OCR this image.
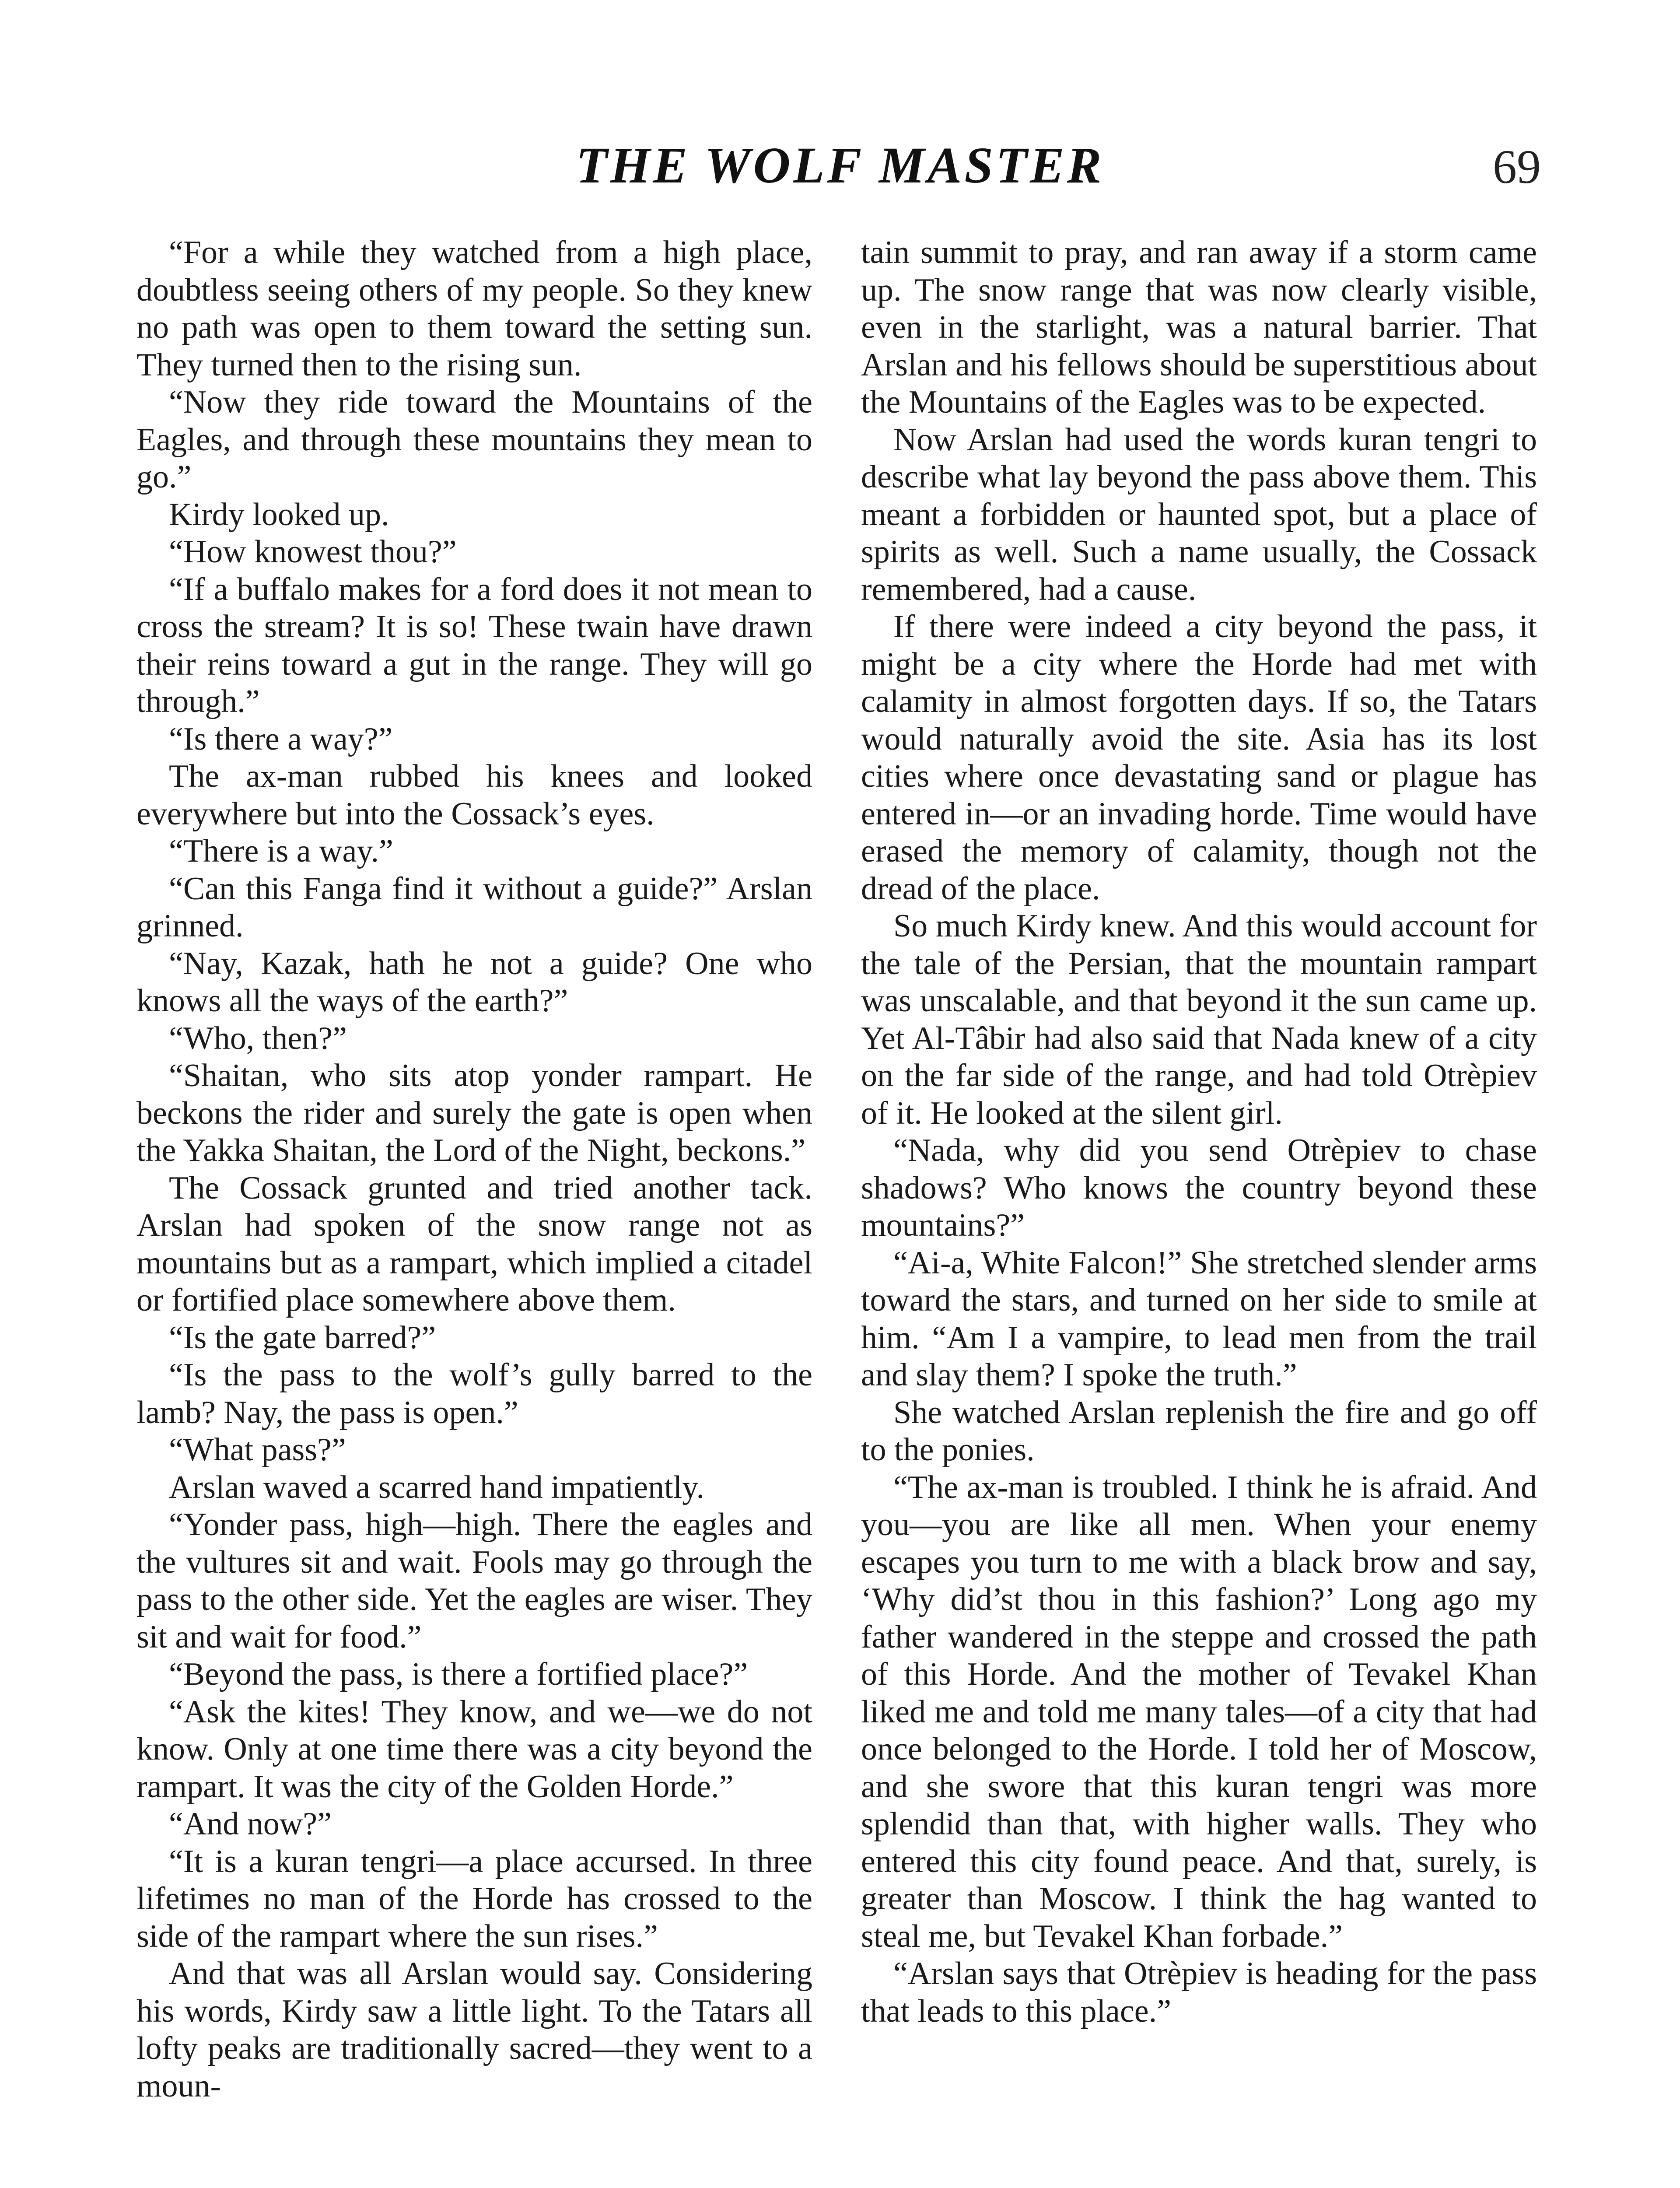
THE WOLF MASTER	69

“For a while they watched from a high place, doubtless seeing others of my people. So they knew no path was open to them toward the setting sun. They turned then to the rising sun.

“Now they ride toward the Mountains of the Eagles, and through these mountains they mean to go.”

Kirdy looked up.

“How knowest thou?”

“If a buffalo makes for a ford does it not mean to cross the stream? It is so! These twain have drawn their reins toward a gut in the range. They will go through.”

“Is there a way?”

The ax-man rubbed his knees and looked everywhere but into the Cossack’s eyes.

“There is a way.”

“Can this Fanga find it without a guide?” Arslan grinned.

“Nay, Kazak, hath he not a guide? One who knows all the ways of the earth?”

“Who, then?”

“Shaitan, who sits atop yonder rampart. He beckons the rider and surely the gate is open when the Yakka Shaitan, the Lord of the Night, beckons.”

The Cossack grunted and tried another tack. Arslan had spoken of the snow range not as mountains but as a rampart, which implied a citadel or fortified place somewhere above them.

“Is the gate barred?”

“Is the pass to the wolf’s gully barred to the lamb? Nay, the pass is open.”

“What pass?”

Arslan waved a scarred hand impatiently.

“Yonder pass, high—high. There the eagles and the vultures sit and wait. Fools may go through the pass to the other side. Yet the eagles are wiser. They sit and wait for food.”

“Beyond the pass, is there a fortified place?”

“Ask the kites! They know, and we—we do not know. Only at one time there was a city beyond the rampart. It was the city of the Golden Horde.”

“And now?”

“It is a kuran tengri—a place accursed. In three lifetimes no man of the Horde has crossed to the side of the rampart where the sun rises.”

And that was all Arslan would say. Considering his words, Kirdy saw a little light. To the Tatars all lofty peaks are traditionally sacred—they went to a moun-

tain summit to pray, and ran away if a storm came up. The snow range that was now clearly visible, even in the starlight, was a natural barrier. That Arslan and his fellows should be superstitious about the Mountains of the Eagles was to be expected.

Now Arslan had used the words kuran tengri to describe what lay beyond the pass above them. This meant a forbidden or haunted spot, but a place of spirits as well. Such a name usually, the Cossack remembered, had a cause.

If there were indeed a city beyond the pass, it might be a city where the Horde had met with calamity in almost forgotten days. If so, the Tatars would naturally avoid the site. Asia has its lost cities where once devastating sand or plague has entered in—or an invading horde. Time would have erased the memory of calamity, though not the dread of the place.

So much Kirdy knew. And this would account for the tale of the Persian, that the mountain rampart was unscalable, and that beyond it the sun came up. Yet Al-Tâbir had also said that Nada knew of a city on the far side of the range, and had told Otrèpiev of it. He looked at the silent girl.

“Nada, why did you send Otrèpiev to chase shadows? Who knows the country beyond these mountains?”

“Ai-a, White Falcon!” She stretched slender arms toward the stars, and turned on her side to smile at him. “Am I a vampire, to lead men from the trail and slay them? I spoke the truth.”

She watched Arslan replenish the fire and go off to the ponies.

“The ax-man is troubled. I think he is afraid. And you—you are like all men. When your enemy escapes you turn to me with a black brow and say, ‘Why did’st thou in this fashion?’ Long ago my father wandered in the steppe and crossed the path of this Horde. And the mother of Tevakel Khan liked me and told me many tales—of a city that had once belonged to the Horde. I told her of Moscow, and she swore that this kuran tengri was more splendid than that, with higher walls. They who entered this city found peace. And that, surely, is greater than Moscow. I think the hag wanted to steal me, but Tevakel Khan forbade.”

“Arslan says that Otrèpiev is heading for the pass that leads to this place.”
